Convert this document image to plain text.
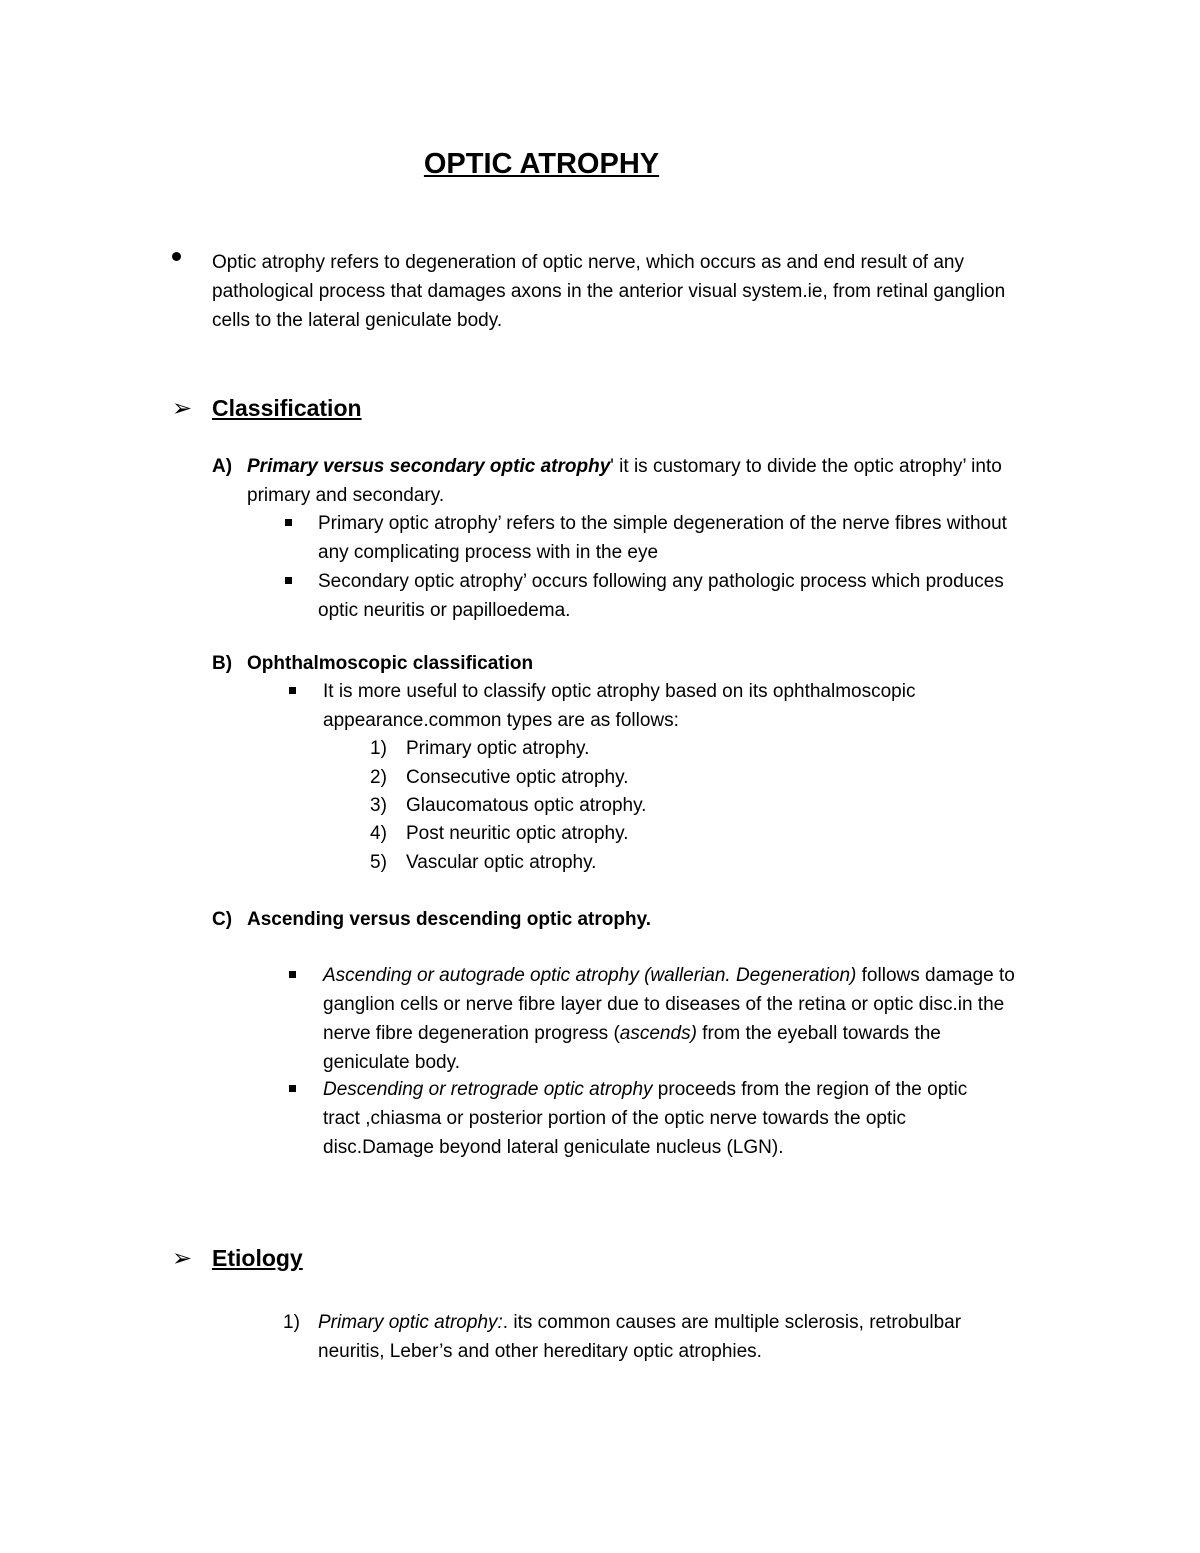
OPTIC ATROPHY
Optic atrophy refers to degeneration of optic nerve, which occurs as and end result of any
pathological process that damages axons in the anterior visual system.ie, from retinal ganglion
cells to the lateral geniculate body.
➢ Classification
A) Primary versus secondary optic atrophy' it is customary to divide the optic atrophy’ into
primary and secondary.
Primary optic atrophy’ refers to the simple degeneration of the nerve fibres without
any complicating process with in the eye
Secondary optic atrophy’ occurs following any pathologic process which produces
optic neuritis or papilloedema.
B) Ophthalmoscopic classification
It is more useful to classify optic atrophy based on its ophthalmoscopic
appearance.common types are as follows:
1)	Primary optic atrophy.
2)	Consecutive optic atrophy.
3)	Glaucomatous optic atrophy.
4)	Post neuritic optic atrophy.
5)	Vascular optic atrophy.
C) Ascending versus descending optic atrophy.
Ascending or autograde optic atrophy (wallerian. Degeneration) follows damage to
ganglion cells or nerve fibre layer due to diseases of the retina or optic disc.in the
nerve fibre degeneration progress (ascends) from the eyeball towards the
geniculate body.
Descending or retrograde optic atrophy proceeds from the region of the optic
tract ,chiasma or posterior portion of the optic nerve towards the optic
disc.Damage beyond lateral geniculate nucleus (LGN).
➢ Etiology
1) Primary optic atrophy:. its common causes are multiple sclerosis, retrobulbar
neuritis, Leber’s and other hereditary optic atrophies.
